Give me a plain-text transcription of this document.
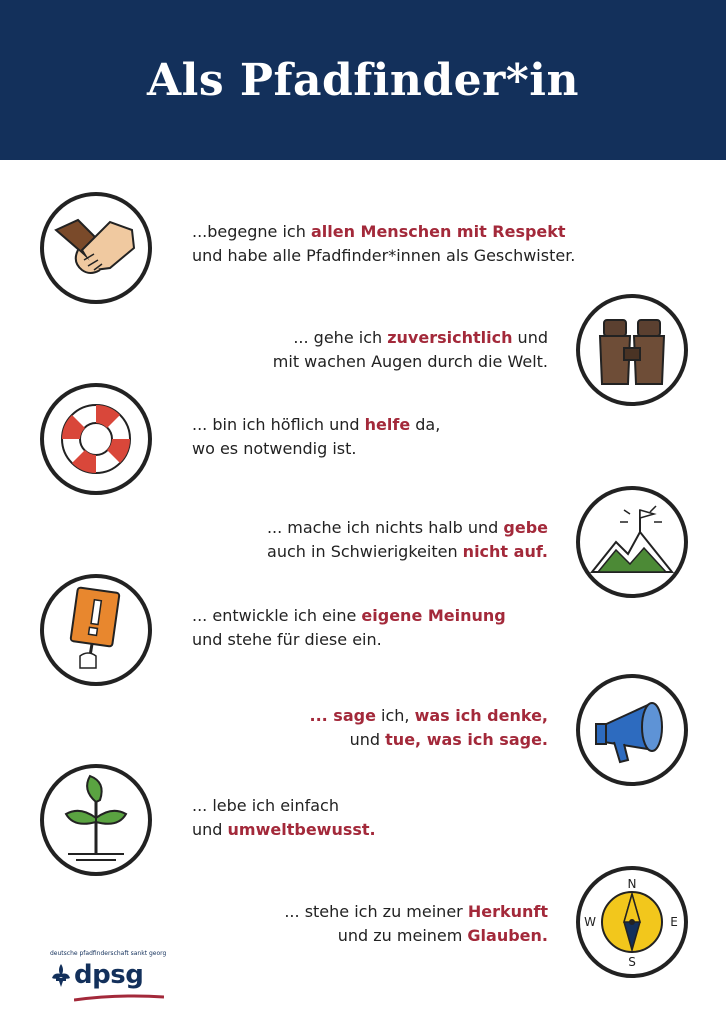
Als Pfadfinder*in
...begegne ich allen Menschen mit Respekt
und habe alle Pfadfinder*innen als Geschwister.
... gehe ich zuversichtlich und
mit wachen Augen durch die Welt.
... bin ich höflich und helfe da,
wo es notwendig ist.
... mache ich nichts halb und gebe
auch in Schwierigkeiten nicht auf.
... entwickle ich eine eigene Meinung
und stehe für diese ein.
... sage ich, was ich denke,
und tue, was ich sage.
... lebe ich einfach
und umweltbewusst.
N
E
S
W
... stehe ich zu meiner Herkunft
und zu meinem Glauben.
deutsche pfadfinderschaft sankt georg
dpsg
